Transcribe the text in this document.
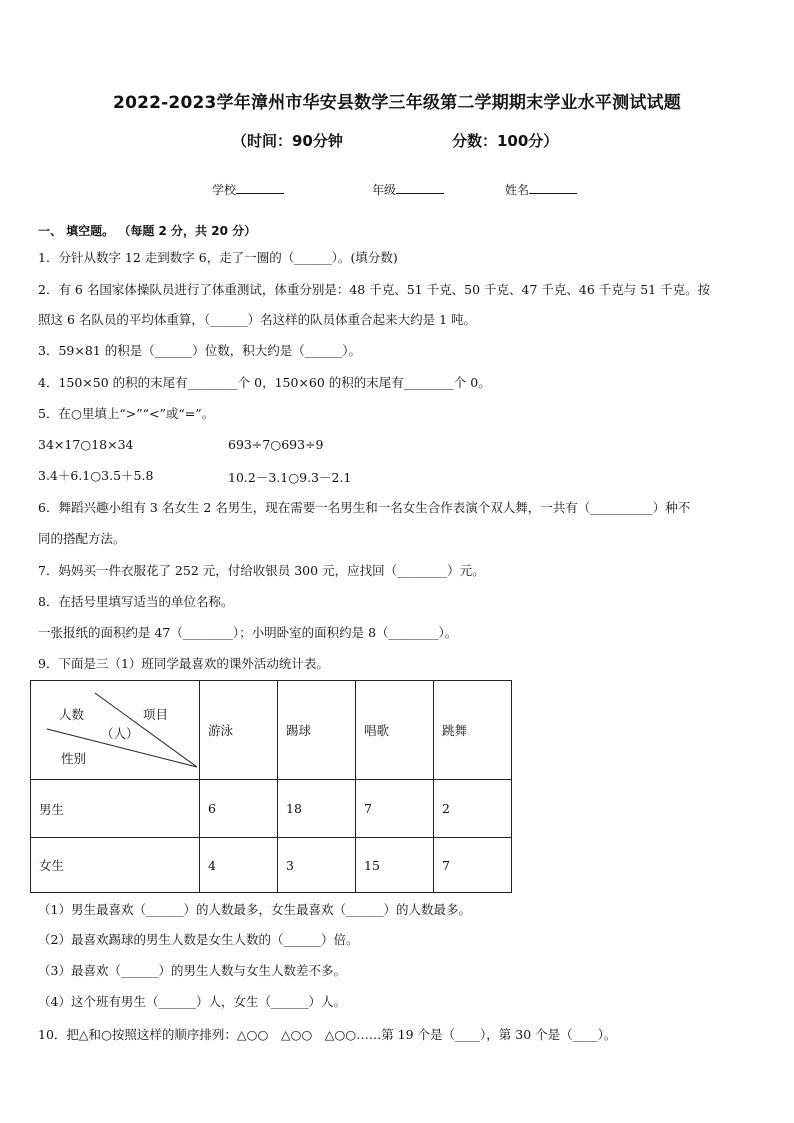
2022-2023学年漳州市华安县数学三年级第二学期期末学业水平测试试题
（时间：90分钟	分数：100分）
学校	年级	姓名
一、 填空题。 （每题 2 分，共 20 分）
1．分针从数字 12 走到数字 6，走了一圈的（______）。(填分数)
2．有 6 名国家体操队员进行了体重测试，体重分别是：48 千克、51 千克、50 千克、47 千克、46 千克与 51 千克。按
照这 6 名队员的平均体重算，（______）名这样的队员体重合起来大约是 1 吨。
3．59×81 的积是（______）位数，积大约是（______）。
4．150×50 的积的末尾有________个 0，150×60 的积的末尾有________个 0。
5．在○里填上“>”“<”或“=”。
34×17○18×34	693÷7○693÷9
3.4＋6.1○3.5＋5.8	10.2－3.1○9.3－2.1
6．舞蹈兴趣小组有 3 名女生 2 名男生，现在需要一名男生和一名女生合作表演个双人舞，一共有（__________）种不
同的搭配方法。
7．妈妈买一件衣服花了 252 元，付给收银员 300 元，应找回（________）元。
8．在括号里填写适当的单位名称。
一张报纸的面积约是 47（________）；小明卧室的面积约是 8（________）。
9．下面是三（1）班同学最喜欢的课外活动统计表。
项目
人数
（人）
性别	游泳	踢球	唱歌	跳舞
男生	6	18	7	2
女生	4	3	15	7
（1）男生最喜欢（______）的人数最多，女生最喜欢（______）的人数最多。
（2）最喜欢踢球的男生人数是女生人数的（______）倍。
（3）最喜欢（______）的男生人数与女生人数差不多。
（4）这个班有男生（______）人，女生（______）人。
10．把△和○按照这样的顺序排列：△○○　△○○　△○○……第 19 个是（____），第 30 个是（____）。
